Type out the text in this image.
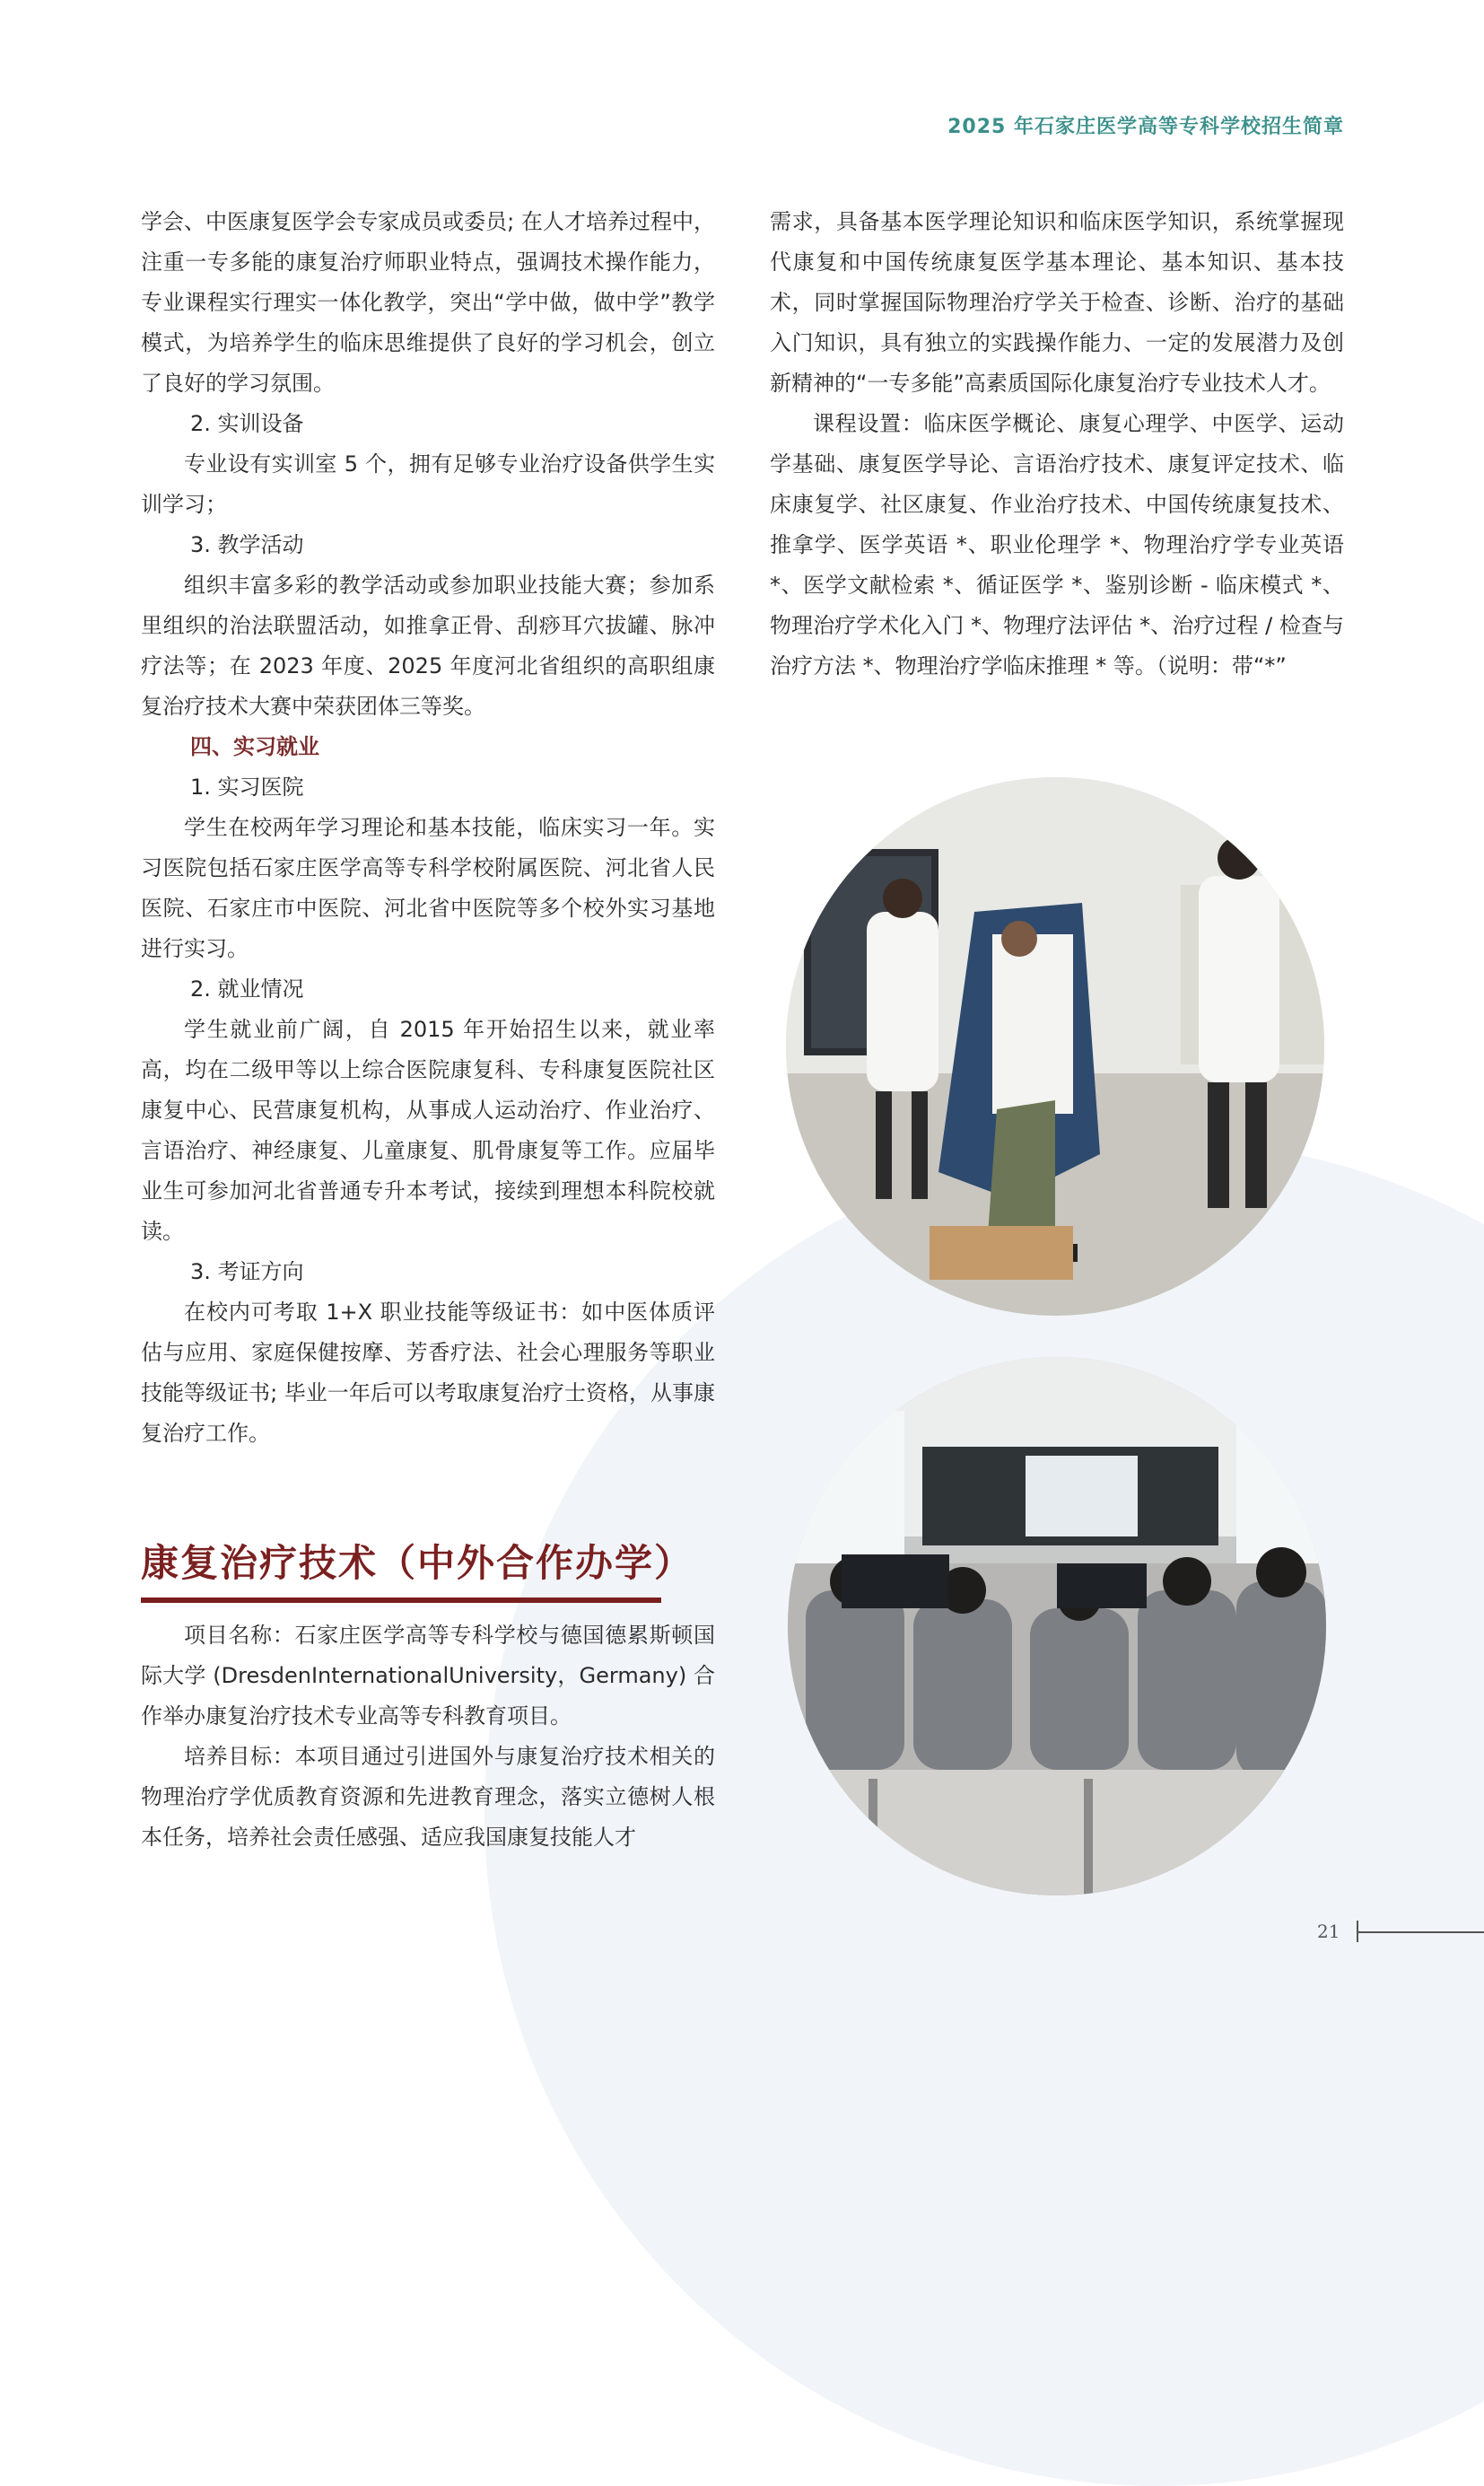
2025 年石家庄医学高等专科学校招生简章

学会、中医康复医学会专家成员或委员; 在人才培养过程中，注重一专多能的康复治疗师职业特点，强调技术操作能力，专业课程实行理实一体化教学，突出“学中做，做中学”教学模式，为培养学生的临床思维提供了良好的学习机会，创立了良好的学习氛围。

2. 实训设备

专业设有实训室 5 个，拥有足够专业治疗设备供学生实训学习；

3. 教学活动

组织丰富多彩的教学活动或参加职业技能大赛；参加系里组织的治法联盟活动，如推拿正骨、刮痧耳穴拔罐、脉冲疗法等；在 2023 年度、2025 年度河北省组织的高职组康复治疗技术大赛中荣获团体三等奖。

四、实习就业

1. 实习医院

学生在校两年学习理论和基本技能，临床实习一年。实习医院包括石家庄医学高等专科学校附属医院、河北省人民医院、石家庄市中医院、河北省中医院等多个校外实习基地进行实习。

2. 就业情况

学生就业前广阔，自 2015 年开始招生以来，就业率高，均在二级甲等以上综合医院康复科、专科康复医院社区康复中心、民营康复机构，从事成人运动治疗、作业治疗、言语治疗、神经康复、儿童康复、肌骨康复等工作。应届毕业生可参加河北省普通专升本考试，接续到理想本科院校就读。

3. 考证方向

在校内可考取 1+X 职业技能等级证书：如中医体质评估与应用、家庭保健按摩、芳香疗法、社会心理服务等职业技能等级证书; 毕业一年后可以考取康复治疗士资格，从事康复治疗工作。

康复治疗技术（中外合作办学）

项目名称：石家庄医学高等专科学校与德国德累斯顿国际大学 (DresdenInternationalUniversity，Germany) 合作举办康复治疗技术专业高等专科教育项目。

培养目标：本项目通过引进国外与康复治疗技术相关的物理治疗学优质教育资源和先进教育理念，落实立德树人根本任务，培养社会责任感强、适应我国康复技能人才

需求，具备基本医学理论知识和临床医学知识，系统掌握现代康复和中国传统康复医学基本理论、基本知识、基本技术，同时掌握国际物理治疗学关于检查、诊断、治疗的基础入门知识，具有独立的实践操作能力、一定的发展潜力及创新精神的“一专多能”高素质国际化康复治疗专业技术人才。

课程设置：临床医学概论、康复心理学、中医学、运动学基础、康复医学导论、言语治疗技术、康复评定技术、临床康复学、社区康复、作业治疗技术、中国传统康复技术、推拿学、医学英语 *、职业伦理学 *、物理治疗学专业英语 *、医学文献检索 *、循证医学 *、鉴别诊断 - 临床模式 *、物理治疗学术化入门 *、物理疗法评估 *、治疗过程 / 检查与治疗方法 *、物理治疗学临床推理 * 等。（说明：带“*”

21
